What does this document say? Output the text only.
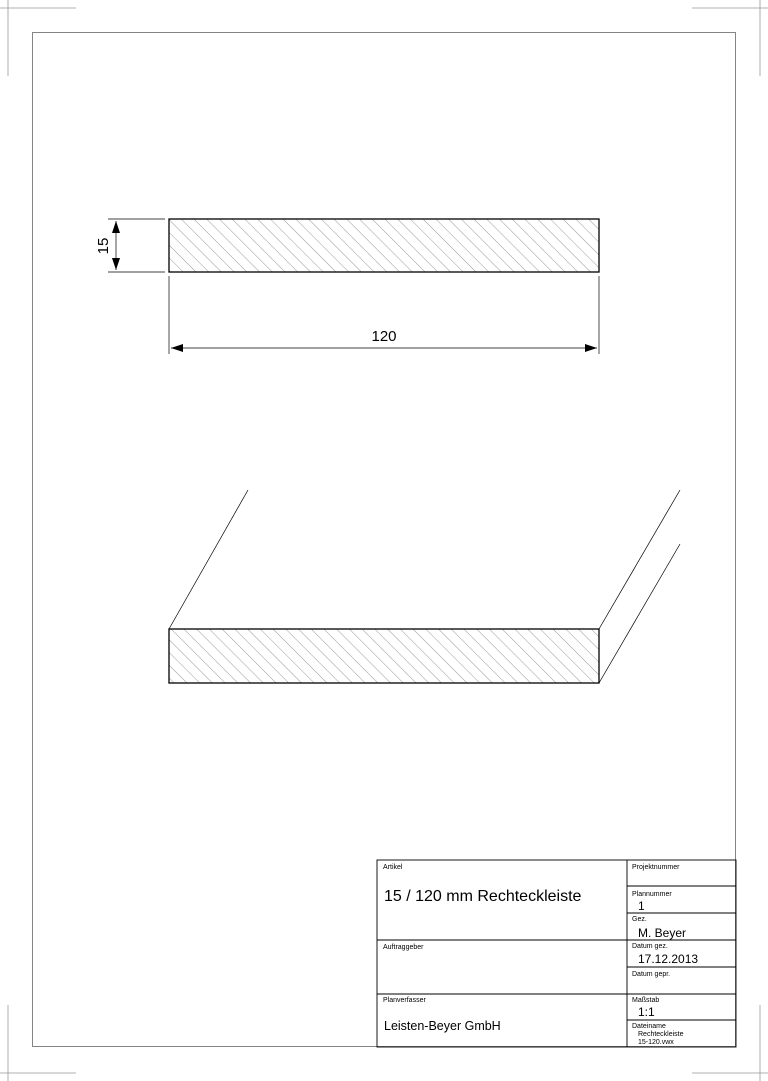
15
120
Artikel
15 / 120 mm Rechteckleiste
Projektnummer
Plannummer
1
Gez.
M. Beyer
Auftraggeber	Datum gez.
17.12.2013
Datum gepr.
Planverfasser
Leisten-Beyer GmbH
Maßstab
1:1
Dateiname
Rechteckleiste
15-120.vwx
